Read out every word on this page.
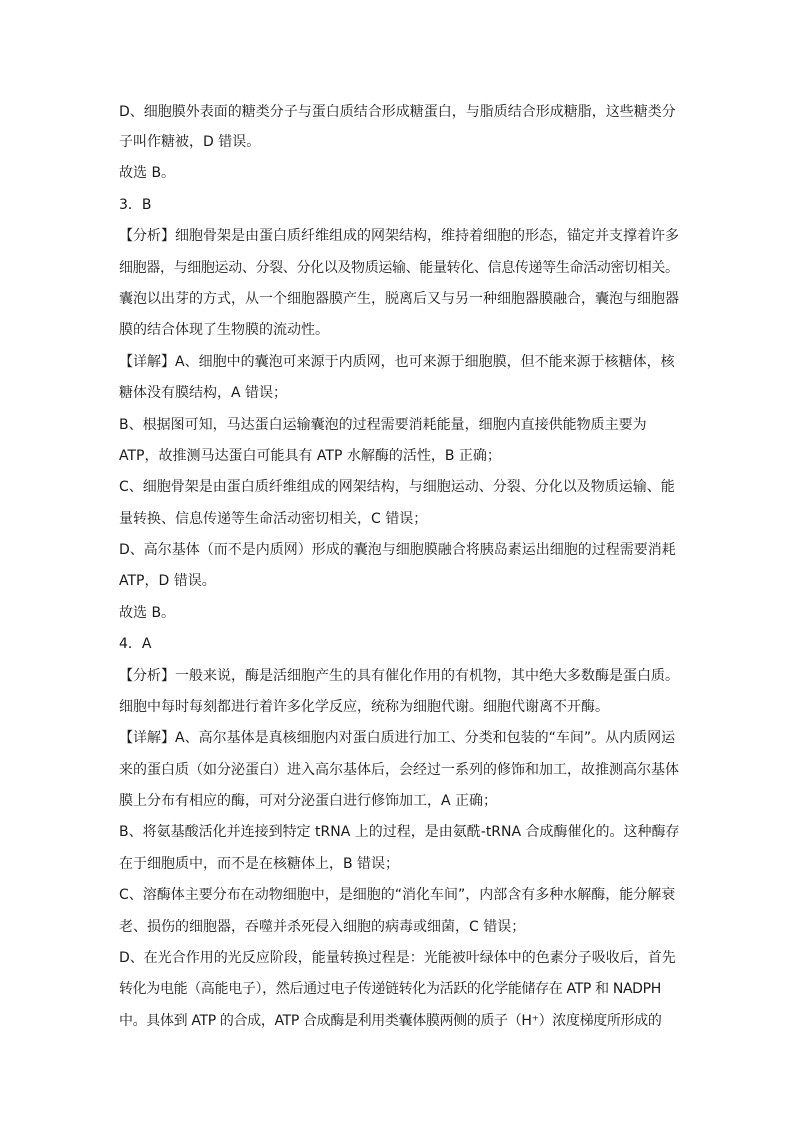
D、细胞膜外表面的糖类分子与蛋白质结合形成糖蛋白，与脂质结合形成糖脂，这些糖类分
子叫作糖被，D 错误。
故选 B。
3．B
【分析】细胞骨架是由蛋白质纤维组成的网架结构，维持着细胞的形态，锚定并支撑着许多
细胞器，与细胞运动、分裂、分化以及物质运输、能量转化、信息传递等生命活动密切相关。
囊泡以出芽的方式，从一个细胞器膜产生，脱离后又与另一种细胞器膜融合，囊泡与细胞器
膜的结合体现了生物膜的流动性。
【详解】A、细胞中的囊泡可来源于内质网，也可来源于细胞膜，但不能来源于核糖体，核
糖体没有膜结构，A 错误；
B、根据图可知，马达蛋白运输囊泡的过程需要消耗能量，细胞内直接供能物质主要为
ATP，故推测马达蛋白可能具有 ATP 水解酶的活性，B 正确；
C、细胞骨架是由蛋白质纤维组成的网架结构，与细胞运动、分裂、分化以及物质运输、能
量转换、信息传递等生命活动密切相关，C 错误；
D、高尔基体（而不是内质网）形成的囊泡与细胞膜融合将胰岛素运出细胞的过程需要消耗
ATP，D 错误。
故选 B。
4．A
【分析】一般来说，酶是活细胞产生的具有催化作用的有机物，其中绝大多数酶是蛋白质。
细胞中每时每刻都进行着许多化学反应，统称为细胞代谢。细胞代谢离不开酶。
【详解】A、高尔基体是真核细胞内对蛋白质进行加工、分类和包装的“车间”。从内质网运
来的蛋白质（如分泌蛋白）进入高尔基体后，会经过一系列的修饰和加工，故推测高尔基体
膜上分布有相应的酶，可对分泌蛋白进行修饰加工，A 正确；
B、将氨基酸活化并连接到特定 tRNA 上的过程，是由氨酰-tRNA 合成酶催化的。这种酶存
在于细胞质中，而不是在核糖体上，B 错误；
C、溶酶体主要分布在动物细胞中，是细胞的“消化车间”，内部含有多种水解酶，能分解衰
老、损伤的细胞器，吞噬并杀死侵入细胞的病毒或细菌，C 错误；
D、在光合作用的光反应阶段，能量转换过程是：光能被叶绿体中的色素分子吸收后，首先
转化为电能（高能电子），然后通过电子传递链转化为活跃的化学能储存在 ATP 和 NADPH
中。具体到 ATP 的合成，ATP 合成酶是利用类囊体膜两侧的质子（H⁺）浓度梯度所形成的
